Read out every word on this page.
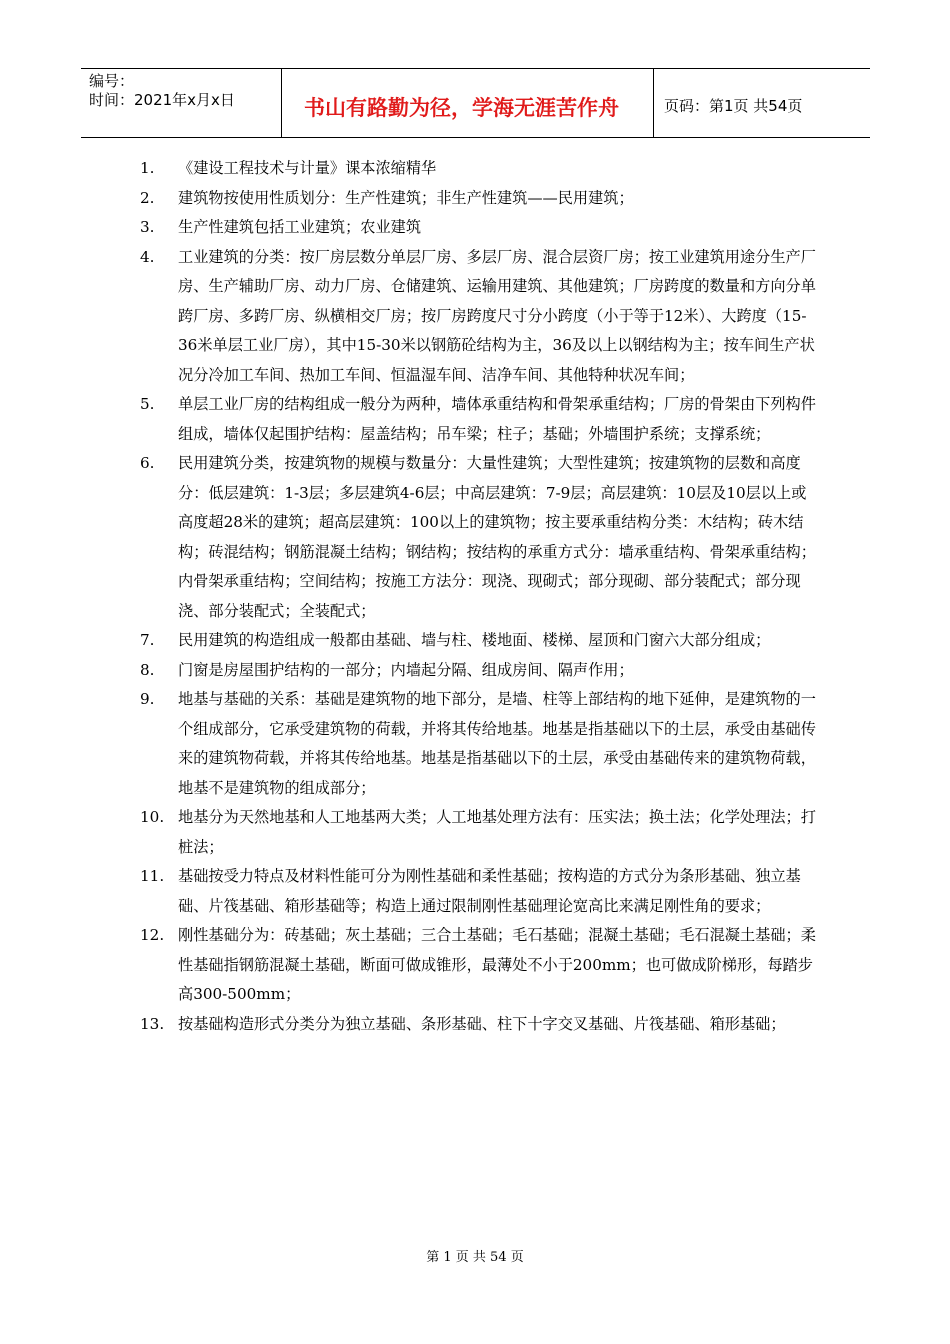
编号：
时间：2021年x月x日	书山有路勤为径，学海无涯苦作舟	页码：第1页 共54页
1. 《建设工程技术与计量》课本浓缩精华
2. 建筑物按使用性质划分：生产性建筑；非生产性建筑——民用建筑；
3. 生产性建筑包括工业建筑；农业建筑
4. 工业建筑的分类：按厂房层数分单层厂房、多层厂房、混合层资厂房；按工业建筑用途分生产厂房、生产辅助厂房、动力厂房、仓储建筑、运输用建筑、其他建筑；厂房跨度的数量和方向分单跨厂房、多跨厂房、纵横相交厂房；按厂房跨度尺寸分小跨度（小于等于12米）、大跨度（15-36米单层工业厂房），其中15-30米以钢筋砼结构为主，36及以上以钢结构为主；按车间生产状况分冷加工车间、热加工车间、恒温湿车间、洁净车间、其他特种状况车间；
5. 单层工业厂房的结构组成一般分为两种，墙体承重结构和骨架承重结构；厂房的骨架由下列构件组成，墙体仅起围护结构：屋盖结构；吊车梁；柱子；基础；外墙围护系统；支撑系统；
6. 民用建筑分类，按建筑物的规模与数量分：大量性建筑；大型性建筑；按建筑物的层数和高度分：低层建筑：1-3层；多层建筑4-6层；中高层建筑：7-9层；高层建筑：10层及10层以上或高度超28米的建筑；超高层建筑：100以上的建筑物；按主要承重结构分类：木结构；砖木结构；砖混结构；钢筋混凝土结构；钢结构；按结构的承重方式分：墙承重结构、骨架承重结构；内骨架承重结构；空间结构；按施工方法分：现浇、现砌式；部分现砌、部分装配式；部分现浇、部分装配式；全装配式；
7. 民用建筑的构造组成一般都由基础、墙与柱、楼地面、楼梯、屋顶和门窗六大部分组成；
8. 门窗是房屋围护结构的一部分；内墙起分隔、组成房间、隔声作用；
9. 地基与基础的关系：基础是建筑物的地下部分，是墙、柱等上部结构的地下延伸，是建筑物的一个组成部分，它承受建筑物的荷载，并将其传给地基。地基是指基础以下的土层，承受由基础传来的建筑物荷载，并将其传给地基。地基是指基础以下的土层，承受由基础传来的建筑物荷载，地基不是建筑物的组成部分；
10. 地基分为天然地基和人工地基两大类；人工地基处理方法有：压实法；换土法；化学处理法；打桩法；
11. 基础按受力特点及材料性能可分为刚性基础和柔性基础；按构造的方式分为条形基础、独立基础、片筏基础、箱形基础等；构造上通过限制刚性基础理论宽高比来满足刚性角的要求；
12. 刚性基础分为：砖基础；灰土基础；三合土基础；毛石基础；混凝土基础；毛石混凝土基础；柔性基础指钢筋混凝土基础，断面可做成锥形，最薄处不小于200mm；也可做成阶梯形，每踏步高300-500mm；
13. 按基础构造形式分类分为独立基础、条形基础、柱下十字交叉基础、片筏基础、箱形基础；
第 1 页 共 54 页
